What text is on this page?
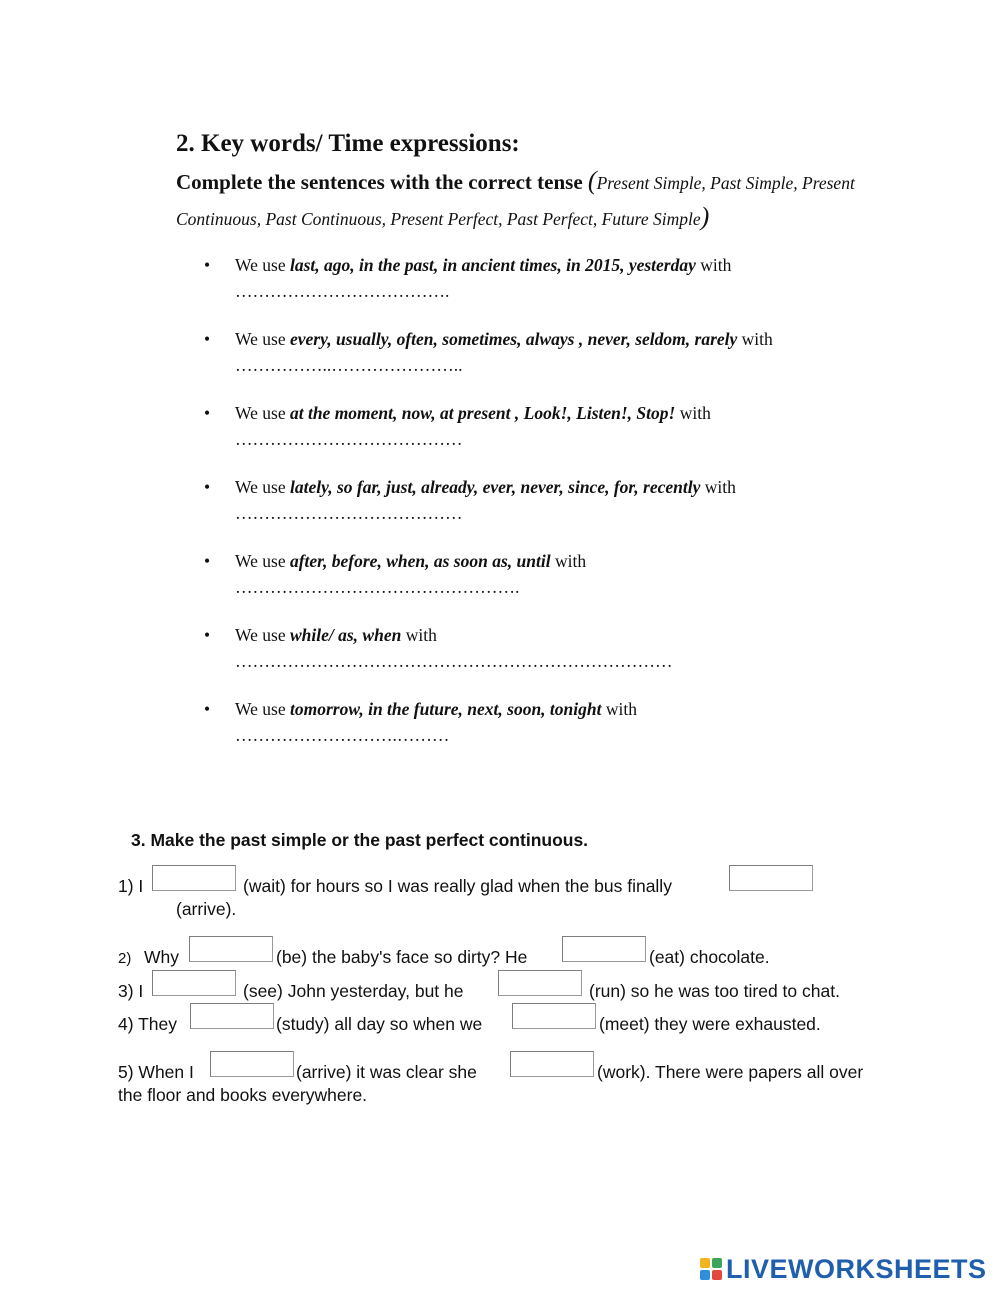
2. Key words/ Time expressions:
Complete the sentences with the correct tense (Present Simple, Past Simple, Present Continuous, Past Continuous, Present Perfect, Past Perfect, Future Simple)
• We use last, ago, in the past, in ancient times, in 2015, yesterday with
……………………………….
• We use every, usually, often, sometimes, always , never, seldom, rarely with
……………..…………………..
• We use at the moment, now, at present , Look!, Listen!, Stop! with
…………………………………
• We use lately, so far, just, already, ever, never, since, for, recently with
…………………………………
• We use after, before, when, as soon as, until with
………………………………………….
• We use while/ as, when with
…………………………………………………………………
• We use tomorrow, in the future, next, soon, tonight with
……………………….………
3. Make the past simple or the past perfect continuous.
1) I	(wait) for hours so I was really glad when the bus finally
(arrive).
2) Why	(be) the baby's face so dirty? He	(eat) chocolate.
3) I	(see) John yesterday, but he	(run) so he was too tired to chat.
4) They	(study) all day so when we	(meet) they were exhausted.
5) When I	(arrive) it was clear she	(work). There were papers all over
the floor and books everywhere.
LIVEWORKSHEETS
